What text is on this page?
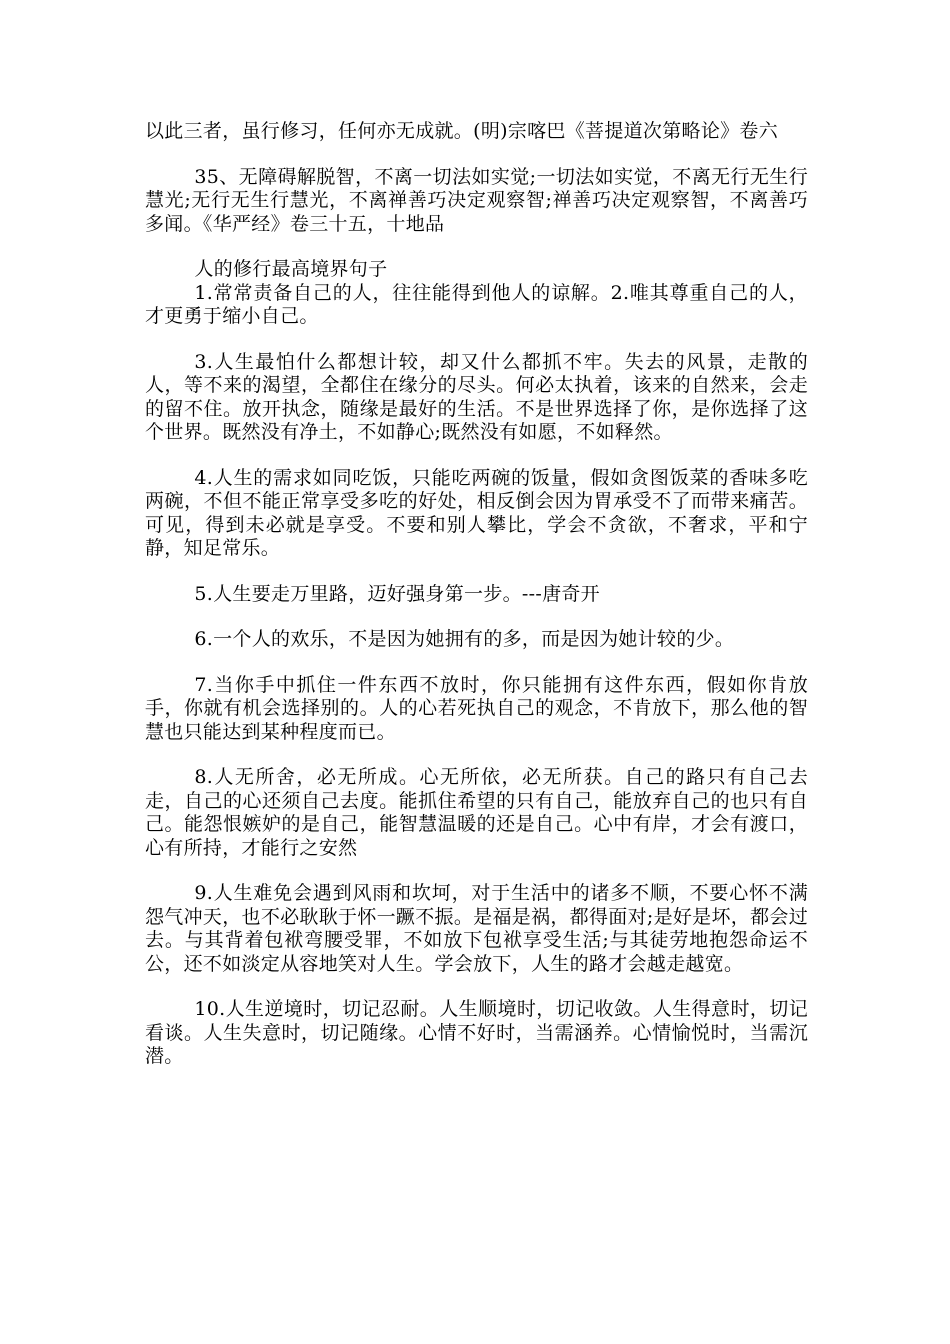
以此三者，虽行修习，任何亦无成就。(明)宗喀巴《菩提道次第略论》卷六

35、无障碍解脱智，不离一切法如实觉;一切法如实觉，不离无行无生行慧光;无行无生行慧光，不离禅善巧决定观察智;禅善巧决定观察智，不离善巧多闻。《华严经》卷三十五，十地品

人的修行最高境界句子

1.常常责备自己的人，往往能得到他人的谅解。2.唯其尊重自己的人，才更勇于缩小自己。

3.人生最怕什么都想计较，却又什么都抓不牢。失去的风景，走散的人，等不来的渴望，全都住在缘分的尽头。何必太执着，该来的自然来，会走的留不住。放开执念，随缘是最好的生活。不是世界选择了你，是你选择了这个世界。既然没有净土，不如静心;既然没有如愿，不如释然。

4.人生的需求如同吃饭，只能吃两碗的饭量，假如贪图饭菜的香味多吃两碗，不但不能正常享受多吃的好处，相反倒会因为胃承受不了而带来痛苦。可见，得到未必就是享受。不要和别人攀比，学会不贪欲，不奢求，平和宁静，知足常乐。

5.人生要走万里路，迈好强身第一步。---唐奇开

6.一个人的欢乐，不是因为她拥有的多，而是因为她计较的少。

7.当你手中抓住一件东西不放时，你只能拥有这件东西，假如你肯放手，你就有机会选择别的。人的心若死执自己的观念，不肯放下，那么他的智慧也只能达到某种程度而已。

8.人无所舍，必无所成。心无所依，必无所获。自己的路只有自己去走，自己的心还须自己去度。能抓住希望的只有自己，能放弃自己的也只有自己。能怨恨嫉妒的是自己，能智慧温暖的还是自己。心中有岸，才会有渡口，心有所持，才能行之安然

9.人生难免会遇到风雨和坎坷，对于生活中的诸多不顺，不要心怀不满怨气冲天，也不必耿耿于怀一蹶不振。是福是祸，都得面对;是好是坏，都会过去。与其背着包袱弯腰受罪，不如放下包袱享受生活;与其徒劳地抱怨命运不公，还不如淡定从容地笑对人生。学会放下，人生的路才会越走越宽。

10.人生逆境时，切记忍耐。人生顺境时，切记收敛。人生得意时，切记看谈。人生失意时，切记随缘。心情不好时，当需涵养。心情愉悦时，当需沉潜。
